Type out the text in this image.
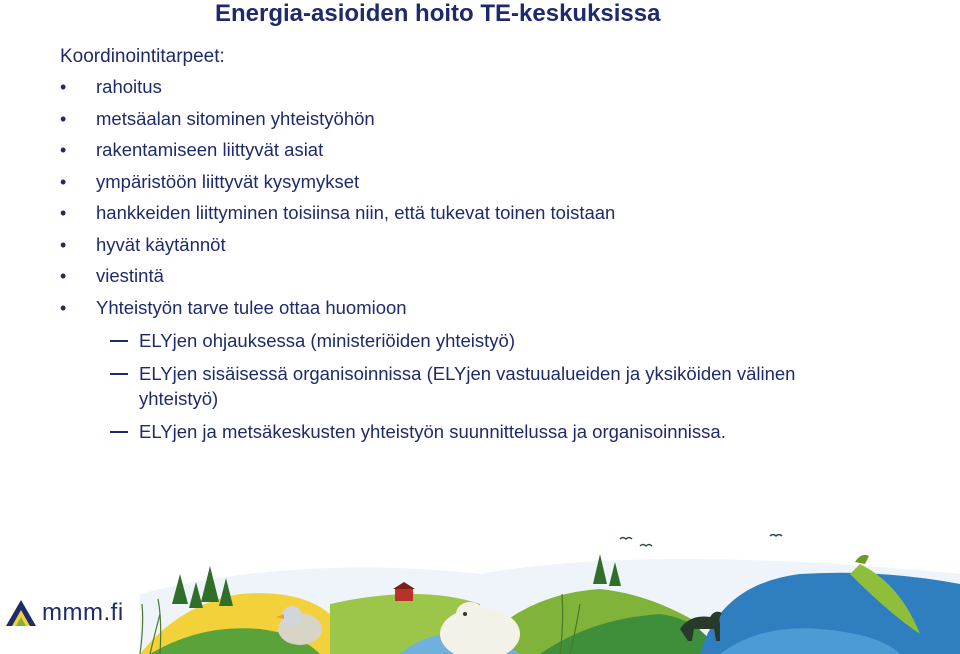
Energia-asioiden hoito TE-keskuksissa
Koordinointitarpeet:
• rahoitus
• metsäalan sitominen yhteistyöhön
• rakentamiseen liittyvät asiat
• ympäristöön liittyvät kysymykset
• hankkeiden liittyminen toisiinsa niin, että tukevat toinen toistaan
• hyvät käytännöt
• viestintä
• Yhteistyön tarve tulee ottaa huomioon
ELYjen ohjauksessa (ministeriöiden yhteistyö)
ELYjen sisäisessä organisoinnissa (ELYjen vastuualueiden ja yksiköiden välinen yhteistyö)
ELYjen ja metsäkeskusten yhteistyön suunnittelussa ja organisoinnissa.
mmm.fi
